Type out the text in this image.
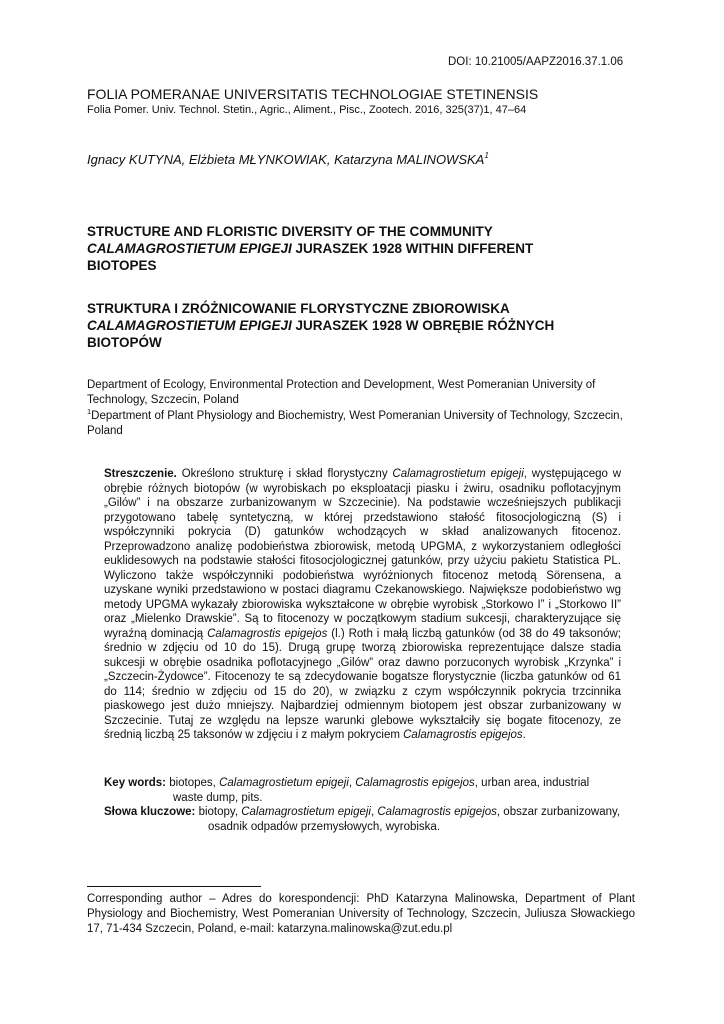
DOI: 10.21005/AAPZ2016.37.1.06
FOLIA POMERANAE UNIVERSITATIS TECHNOLOGIAE STETINENSIS
Folia Pomer. Univ. Technol. Stetin., Agric., Aliment., Pisc., Zootech. 2016, 325(37)1, 47–64
Ignacy KUTYNA, Elżbieta MŁYNKOWIAK, Katarzyna MALINOWSKA$^1$
STRUCTURE AND FLORISTIC DIVERSITY OF THE COMMUNITY
CALAMAGROSTIETUM EPIGEJI JURASZEK 1928 WITHIN DIFFERENT
BIOTOPES
STRUKTURA I ZRÓŻNICOWANIE FLORYSTYCZNE ZBIOROWISKA
CALAMAGROSTIETUM EPIGEJI JURASZEK 1928 W OBRĘBIE RÓŻNYCH
BIOTOPÓW
Department of Ecology, Environmental Protection and Development, West Pomeranian University of Technology, Szczecin, Poland
$^1$Department of Plant Physiology and Biochemistry, West Pomeranian University of Technology, Szczecin, Poland
Streszczenie. Określono strukturę i skład florystyczny Calamagrostietum epigeji, występującego w obrębie różnych biotopów (w wyrobiskach po eksploatacji piasku i żwiru, osadniku poflotacyjnym „Gilów” i na obszarze zurbanizowanym w Szczecinie). Na podstawie wcześniejszych publikacji przygotowano tabelę syntetyczną, w której przedstawiono stałość fitosocjologiczną (S) i współczynniki pokrycia (D) gatunków wchodzących w skład analizowanych fitocenoz. Przeprowadzono analizę podobieństwa zbiorowisk, metodą UPGMA, z wykorzystaniem odległości euklidesowych na podstawie stałości fitosocjologicznej gatunków, przy użyciu pakietu Statistica PL. Wyliczono także współczynniki podobieństwa wyróżnionych fitocenoz metodą Sörensena, a uzyskane wyniki przedstawiono w postaci diagramu Czekanowskiego. Największe podobieństwo wg metody UPGMA wykazały zbiorowiska wykształcone w obrębie wyrobisk „Storkowo I” i „Storkowo II” oraz „Mielenko Drawskie”. Są to fitocenozy w początkowym stadium sukcesji, charakteryzujące się wyraźną dominacją Calamagrostis epigejos (l.) Roth i małą liczbą gatunków (od 38 do 49 taksonów; średnio w zdjęciu od 10 do 15). Drugą grupę tworzą zbiorowiska reprezentujące dalsze stadia sukcesji w obrębie osadnika poflotacyjnego „Gilów” oraz dawno porzuconych wyrobisk „Krzynka” i „Szczecin-Żydowce”. Fitocenozy te są zdecydowanie bogatsze florystycznie (liczba gatunków od 61 do 114; średnio w zdjęciu od 15 do 20), w związku z czym współczynnik pokrycia trzcinnika piaskowego jest dużo mniejszy. Najbardziej odmiennym biotopem jest obszar zurbanizowany w Szczecinie. Tutaj ze względu na lepsze warunki glebowe wykształciły się bogate fitocenozy, ze średnią liczbą 25 taksonów w zdjęciu i z małym pokryciem Calamagrostis epigejos.
Key words: biotopes, Calamagrostietum epigeji, Calamagrostis epigejos, urban area, industrial
waste dump, pits.
Słowa kluczowe: biotopy, Calamagrostietum epigeji, Calamagrostis epigejos, obszar zurbanizowany,
osadnik odpadów przemysłowych, wyrobiska.
Corresponding author – Adres do korespondencji: PhD Katarzyna Malinowska, Department of Plant Physiology and Biochemistry, West Pomeranian University of Technology, Szczecin, Juliusza Słowackiego 17, 71-434 Szczecin, Poland, e-mail: katarzyna.malinowska@zut.edu.pl
